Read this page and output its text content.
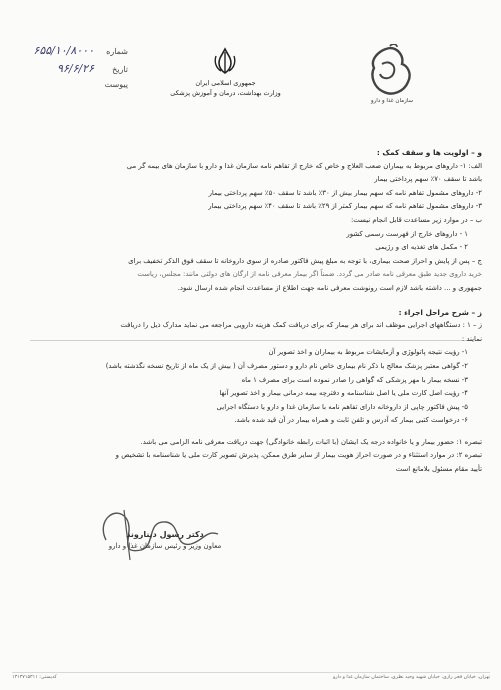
سازمان غذا و دارو
جمهوری اسلامی ایران
وزارت بهداشت، درمان و آموزش پزشکی
شماره
۶۵۵/۱۰/۸۰۰۰
تاریخ
۹۶/۶/۲۶
پیوست

و – اولویت ها و سقف کمک :

الف: ۱- داروهای مربوط به بیماران صعب العلاج و خاص که خارج از تفاهم نامه سازمان غذا و دارو با سازمان های بیمه گر می

باشد تا سقف ۷۰٪ سهم پرداختی بیمار

۲- داروهای مشمول تفاهم نامه که سهم بیمار بیش از ۳۰٪ باشد تا سقف ۵۰٪ سهم پرداختی بیمار

۳- داروهای مشمول تفاهم نامه که سهم بیمار کمتر از ۲۹٪ باشد تا سقف ۴۰٪ سهم پرداختی بیمار

ب – در موارد زیر مساعدت قابل انجام نیست:

۱ - داروهای خارج از فهرست رسمی کشور

۲ - مکمل های تغذیه ای و رژیمی

ج – پس از پایش و احراز صحت بیماری، با توجه به مبلغ پیش فاکتور صادره از سوی داروخانه تا سقف فوق الذکر تخفیف برای

خرید داروی جدید طبق معرفی نامه صادر می گردد. ضمناً اگر بیمار معرفی نامه از ارگان های دولتی مانند: مجلس، ریاست

جمهوری و ... داشته باشد لازم است رونوشت معرفی نامه جهت اطلاع از مساعدت انجام شده ارسال شود.

ز – شرح مراحل اجراء :

ز – ۱ : دستگاههای اجرایی موظف اند برای هر بیمار که برای دریافت کمک هزینه دارویی مراجعه می نماید مدارک ذیل را دریافت

نمایند :

۱- رؤیت نتیجه پاتولوژی و آزمایشات مربوط به بیماران و اخذ تصویر آن

۲- گواهی معتبر پزشک معالج با ذکر نام بیماری خاص نام دارو و دستور مصرف آن ( بیش از یک ماه از تاریخ نسخه نگذشته باشد)

۳- نسخه بیمار با مهر پزشکی که گواهی را صادر نموده است برای مصرف ۱ ماه

۴- رؤیت اصل کارت ملی یا اصل شناسنامه و دفترچه بیمه درمانی بیمار و اخذ تصویر آنها

۵- پیش فاکتور چاپی از داروخانه دارای تفاهم نامه با سازمان غذا و دارو یا دستگاه اجرایی

۶- درخواست کتبی بیمار که آدرس و تلفن ثابت و همراه بیمار در آن قید شده باشد.

تبصره ۱: حضور بیمار و یا خانواده درجه یک ایشان (با اثبات رابطه خانوادگی) جهت دریافت معرفی نامه الزامی می باشد.

تبصره ۲: در موارد استثناء و در صورت احراز هویت بیمار از سایر طرق ممکن، پذیرش تصویر کارت ملی یا شناسنامه با تشخیص و

تأیید مقام مسئول بلامانع است

دکتر رسول دیناروند
معاون وزیر و رئیس سازمان غذا و دارو
تهران، خیابان فخر رازی، خیابان شهید وحید نظری، ساختمان سازمان غذا و دارو
کدپستی: ۱۳۱۴۷۱۵۳۱۱
